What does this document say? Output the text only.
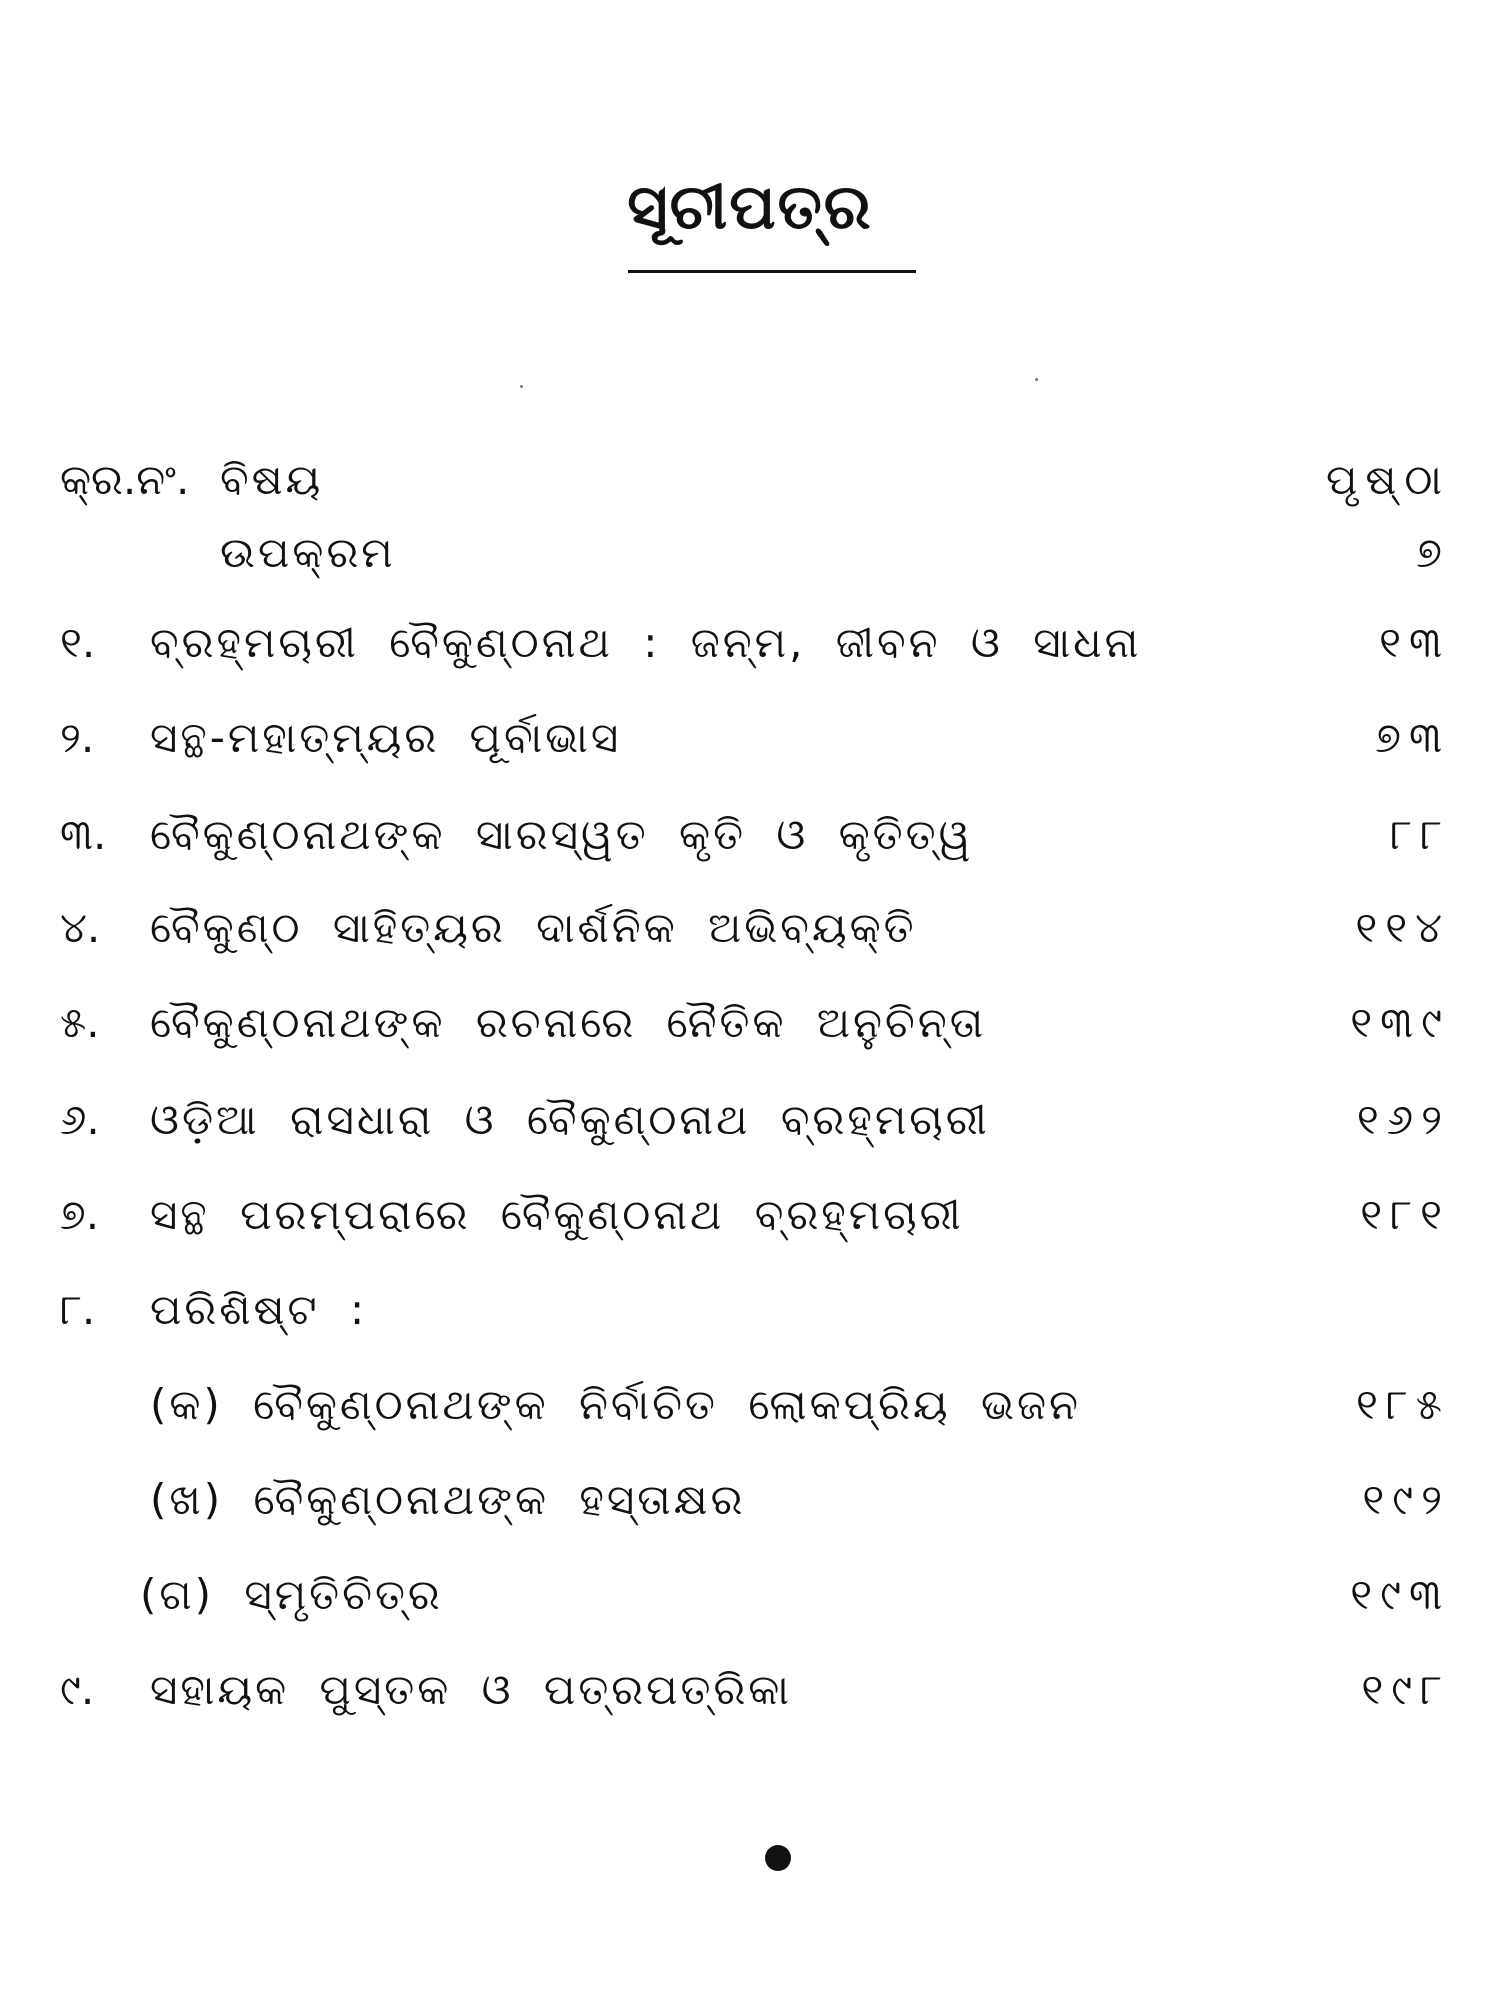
ସୂଚୀପତ୍ର
କ୍ର.ନଂ. ବିଷୟ	ପୃଷ୍ଠା
ଉପକ୍ରମ	୭
୧. ବ୍ରହ୍ମଚାରୀ ବୈକୁଣ୍ଠନାଥ : ଜନ୍ମ, ଜୀବନ ଓ ସାଧନା	୧୩
୨. ସନ୍ଥ-ମହାତ୍ମ୍ୟର ପୂର୍ବାଭାସ	୭୩
୩. ବୈକୁଣ୍ଠନାଥଙ୍କ ସାରସ୍ୱତ କୃତି ଓ କୃତିତ୍ୱ	୮୮
୪. ବୈକୁଣ୍ଠ ସାହିତ୍ୟର ଦାର୍ଶନିକ ଅଭିବ୍ୟକ୍ତି	୧୧୪
୫. ବୈକୁଣ୍ଠନାଥଙ୍କ ରଚନାରେ ନୈତିକ ଅନୁଚିନ୍ତା	୧୩୯
୬. ଓଡ଼ିଆ ରାସଧାରା ଓ ବୈକୁଣ୍ଠନାଥ ବ୍ରହ୍ମଚାରୀ	୧୬୨
୭. ସନ୍ଥ ପରମ୍ପରାରେ ବୈକୁଣ୍ଠନାଥ ବ୍ରହ୍ମଚାରୀ	୧୮୧
୮. ପରିଶିଷ୍ଟ :
(କ) ବୈକୁଣ୍ଠନାଥଙ୍କ ନିର୍ବାଚିତ ଲୋକପ୍ରିୟ ଭଜନ	୧୮୫
(ଖ) ବୈକୁଣ୍ଠନାଥଙ୍କ ହସ୍ତାକ୍ଷର	୧୯୨
(ଗ) ସ୍ମୃତିଚିତ୍ର	୧୯୩
୯. ସହାୟକ ପୁସ୍ତକ ଓ ପତ୍ରପତ୍ରିକା	୧୯୮
